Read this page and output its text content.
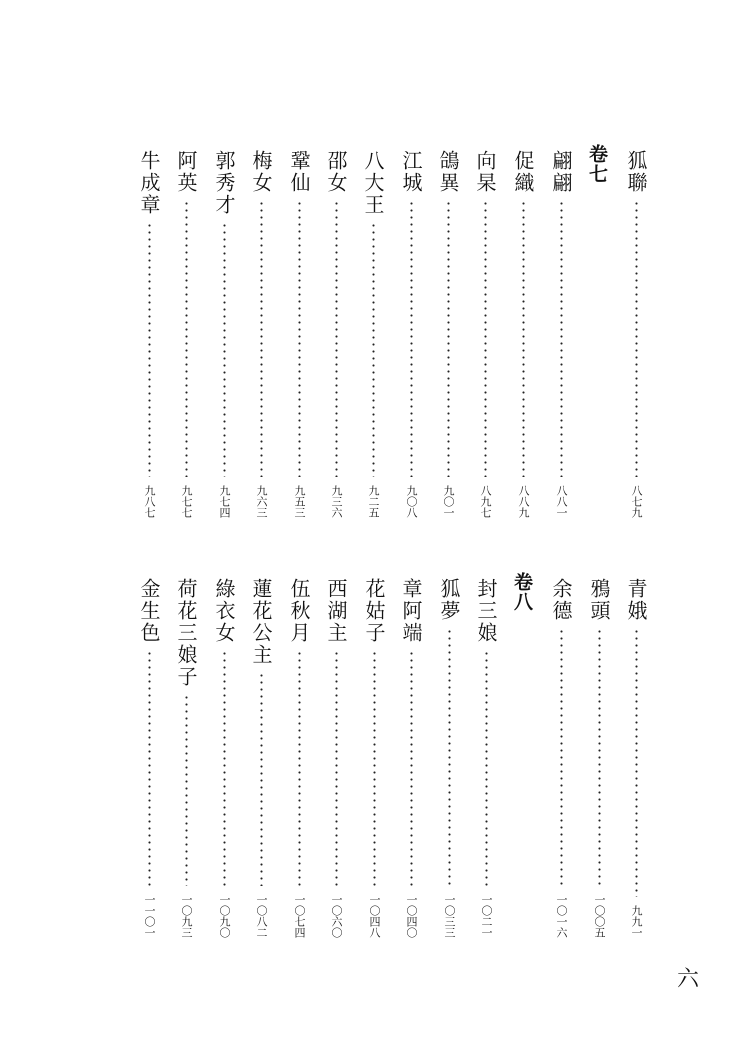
狐聯
八七九
卷七
翩翩
八八一
促織
八八九
向杲
八九七
鴿異
九〇一
江城
九〇八
八大王
九二五
邵女
九三六
鞏仙
九五三
梅女
九六三
郭秀才
九七四
阿英
九七七
牛成章
九八七
青娥
九九一
鴉頭
一〇〇五
余德
一〇一六
卷八
封三娘
一〇二一
狐夢
一〇三三
章阿端
一〇四〇
花姑子
一〇四八
西湖主
一〇六〇
伍秋月
一〇七四
蓮花公主
一〇八二
綠衣女
一〇九〇
荷花三娘子
一〇九三
金生色
一一〇一
六
